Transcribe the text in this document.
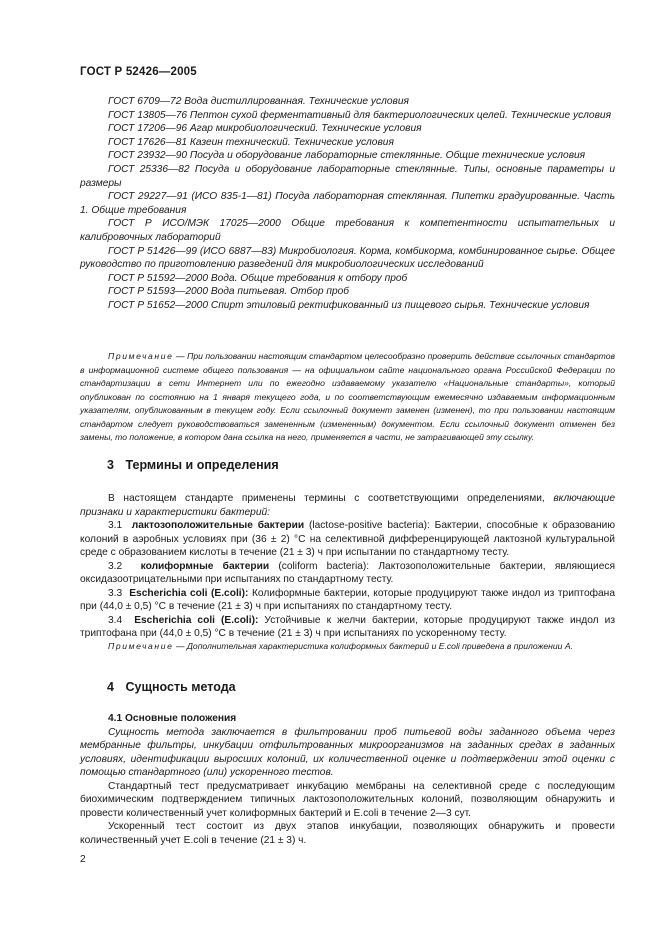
ГОСТ Р 52426—2005

ГОСТ 6709—72 Вода дистиллированная. Технические условия

ГОСТ 13805—76 Пептон сухой ферментативный для бактериологических целей. Технические условия

ГОСТ 17206—96 Агар микробиологический. Технические условия

ГОСТ 17626—81 Казеин технический. Технические условия

ГОСТ 23932—90 Посуда и оборудование лабораторные стеклянные. Общие технические условия

ГОСТ 25336—82 Посуда и оборудование лабораторные стеклянные. Типы, основные параметры и размеры

ГОСТ 29227—91 (ИСО 835-1—81) Посуда лабораторная стеклянная. Пипетки градуированные. Часть 1. Общие требования

ГОСТ Р ИСО/МЭК 17025—2000 Общие требования к компетентности испытательных и калибровочных лабораторий

ГОСТ Р 51426—99 (ИСО 6887—83) Микробиология. Корма, комбикорма, комбинированное сырье. Общее руководство по приготовлению разведений для микробиологических исследований

ГОСТ Р 51592—2000 Вода. Общие требования к отбору проб

ГОСТ Р 51593—2000 Вода питьевая. Отбор проб

ГОСТ Р 51652—2000 Спирт этиловый ректификованный из пищевого сырья. Технические условия

Примечание — При пользовании настоящим стандартом целесообразно проверить действие ссылочных стандартов в информационной системе общего пользования — на официальном сайте национального органа Российской Федерации по стандартизации в сети Интернет или по ежегодно издаваемому указателю «Национальные стандарты», который опубликован по состоянию на 1 января текущего года, и по соответствующим ежемесячно издаваемым информационным указателям, опубликованным в текущем году. Если ссылочный документ заменен (изменен), то при пользовании настоящим стандартом следует руководствоваться замененным (измененным) документом. Если ссылочный документ отменен без замены, то положение, в котором дана ссылка на него, применяется в части, не затрагивающей эту ссылку.

3 Термины и определения

В настоящем стандарте применены термины с соответствующими определениями, включающие признаки и характеристики бактерий:

3.1 лактозоположительные бактерии (lactose-positive bacteria): Бактерии, способные к образованию колоний в аэробных условиях при (36 ± 2) °С на селективной дифференцирующей лактозной культуральной среде с образованием кислоты в течение (21 ± 3) ч при испытании по стандартному тесту.

3.2 колиформные бактерии (coliform bacteria): Лактозоположительные бактерии, являющиеся оксидазоотрицательными при испытаниях по стандартному тесту.

3.3 Escherichia coli (E.coli): Колиформные бактерии, которые продуцируют также индол из триптофана при (44,0 ± 0,5) °С в течение (21 ± 3) ч при испытаниях по стандартному тесту.

3.4 Escherichia coli (E.coli): Устойчивые к желчи бактерии, которые продуцируют также индол из триптофана при (44,0 ± 0,5) °С в течение (21 ± 3) ч при испытаниях по ускоренному тесту.

Примечание — Дополнительная характеристика колиформных бактерий и E.coli приведена в приложении А.

4 Сущность метода

4.1 Основные положения

Сущность метода заключается в фильтровании проб питьевой воды заданного объема через мембранные фильтры, инкубации отфильтрованных микроорганизмов на заданных средах в заданных условиях, идентификации выросших колоний, их количественной оценке и подтверждении этой оценки с помощью стандартного (или) ускоренного тестов.

Стандартный тест предусматривает инкубацию мембраны на селективной среде с последующим биохимическим подтверждением типичных лактозоположительных колоний, позволяющим обнаружить и провести количественный учет колиформных бактерий и E.coli в течение 2—3 сут.

Ускоренный тест состоит из двух этапов инкубации, позволяющих обнаружить и провести количественный учет E.coli в течение (21 ± 3) ч.

2
